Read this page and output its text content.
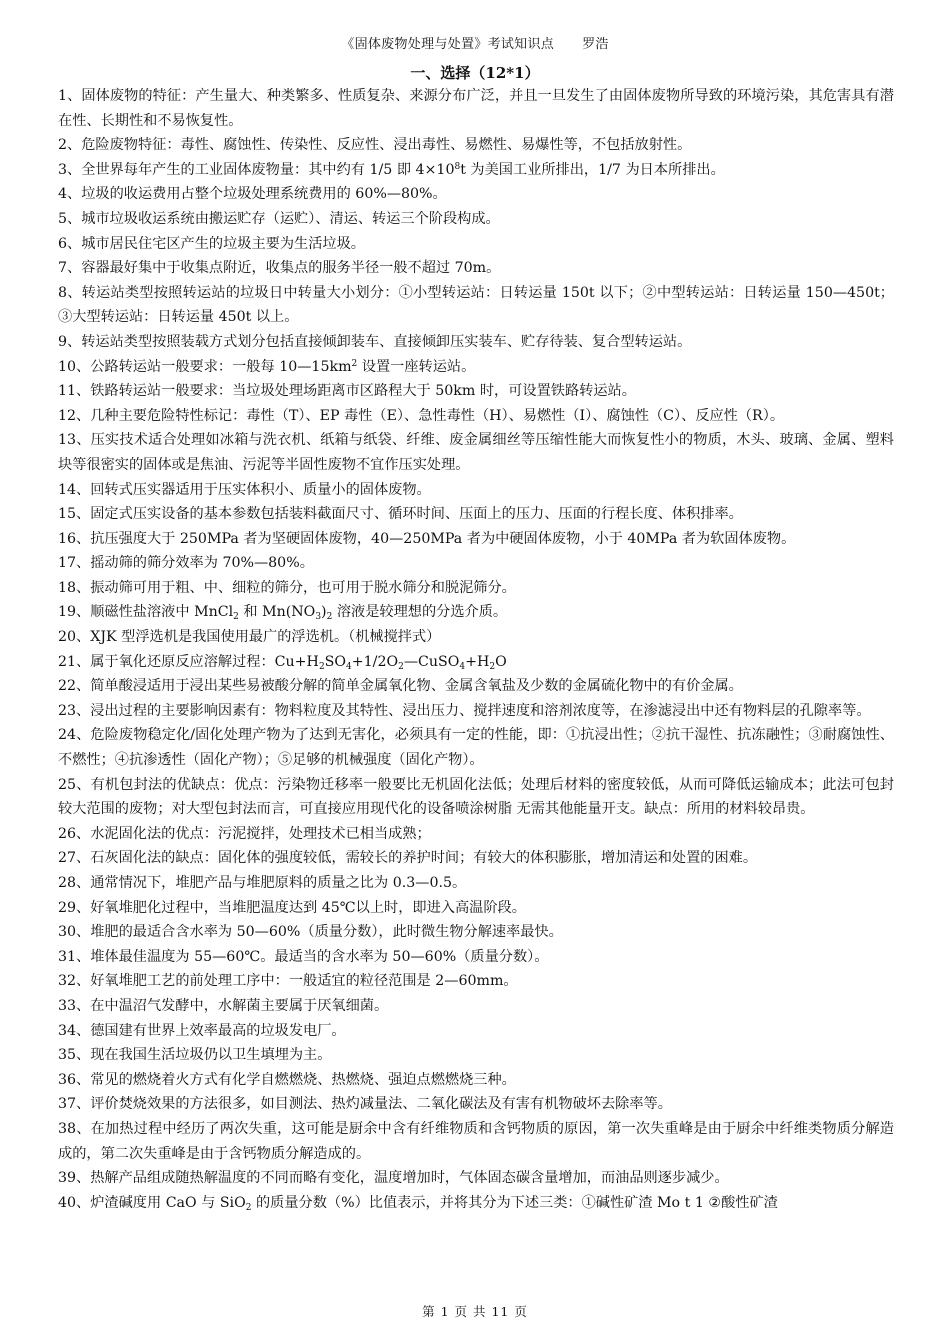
《固体废物处理与处置》考试知识点 罗浩
一、选择（12*1）

1、固体废物的特征：产生量大、种类繁多、性质复杂、来源分布广泛，并且一旦发生了由固体废物所导致的环境污染，其危害具有潜在性、长期性和不易恢复性。

2、危险废物特征：毒性、腐蚀性、传染性、反应性、浸出毒性、易燃性、易爆性等，不包括放射性。

3、全世界每年产生的工业固体废物量：其中约有 1/5 即 $4\times 10^8t$ 为美国工业所排出，1/7 为日本所排出。

4、垃圾的收运费用占整个垃圾处理系统费用的 60%—80%。

5、城市垃圾收运系统由搬运贮存（运贮）、清运、转运三个阶段构成。

6、城市居民住宅区产生的垃圾主要为生活垃圾。

7、容器最好集中于收集点附近，收集点的服务半径一般不超过 70m。

8、转运站类型按照转运站的垃圾日中转量大小划分：①小型转运站：日转运量 150t 以下；②中型转运站：日转运量 150—450t；③大型转运站：日转运量 450t 以上。

9、转运站类型按照装载方式划分包括直接倾卸装车、直接倾卸压实装车、贮存待装、复合型转运站。

10、公路转运站一般要求：一般每 $10—15km^2$ 设置一座转运站。

11、铁路转运站一般要求：当垃圾处理场距离市区路程大于 50km 时，可设置铁路转运站。

12、几种主要危险特性标记：毒性（T）、EP 毒性（E）、急性毒性（H）、易燃性（I）、腐蚀性（C）、反应性（R）。

13、压实技术适合处理如冰箱与洗衣机、纸箱与纸袋、纤维、废金属细丝等压缩性能大而恢复性小的物质，木头、玻璃、金属、塑料块等很密实的固体或是焦油、污泥等半固性废物不宜作压实处理。

14、回转式压实器适用于压实体积小、质量小的固体废物。

15、固定式压实设备的基本参数包括装料截面尺寸、循环时间、压面上的压力、压面的行程长度、体积排率。

16、抗压强度大于 250MPa 者为坚硬固体废物，40—250MPa 者为中硬固体废物，小于 40MPa 者为软固体废物。

17、摇动筛的筛分效率为 70%—80%。

18、振动筛可用于粗、中、细粒的筛分，也可用于脱水筛分和脱泥筛分。

19、顺磁性盐溶液中 MnCl$_2$ 和 $Mn(NO_3)_2$ 溶液是较理想的分选介质。

20、XJK 型浮选机是我国使用最广的浮选机。（机械搅拌式）

21、属于氧化还原反应溶解过程：$Cu+H_2SO_4+1/2O_2—CuSO_4+H_2O$

22、简单酸浸适用于浸出某些易被酸分解的简单金属氧化物、金属含氧盐及少数的金属硫化物中的有价金属。

23、浸出过程的主要影响因素有：物料粒度及其特性、浸出压力、搅拌速度和溶剂浓度等，在渗滤浸出中还有物料层的孔隙率等。

24、危险废物稳定化/固化处理产物为了达到无害化，必须具有一定的性能，即：①抗浸出性；②抗干湿性、抗冻融性；③耐腐蚀性、不燃性；④抗渗透性（固化产物）；⑤足够的机械强度（固化产物）。

25、有机包封法的优缺点：优点：污染物迁移率一般要比无机固化法低；处理后材料的密度较低，从而可降低运输成本；此法可包封较大范围的废物；对大型包封法而言，可直接应用现代化的设备喷涂树脂 无需其他能量开支。缺点：所用的材料较昂贵。

26、水泥固化法的优点：污泥搅拌，处理技术已相当成熟；

27、石灰固化法的缺点：固化体的强度较低，需较长的养护时间；有较大的体积膨胀，增加清运和处置的困难。

28、通常情况下，堆肥产品与堆肥原料的质量之比为 0.3—0.5。

29、好氧堆肥化过程中，当堆肥温度达到 45℃以上时，即进入高温阶段。

30、堆肥的最适合含水率为 50—60%（质量分数），此时微生物分解速率最快。

31、堆体最佳温度为 55—60℃。最适当的含水率为 50—60%（质量分数）。

32、好氧堆肥工艺的前处理工序中：一般适宜的粒径范围是 2—60mm。

33、在中温沼气发酵中，水解菌主要属于厌氧细菌。

34、德国建有世界上效率最高的垃圾发电厂。

35、现在我国生活垃圾仍以卫生填埋为主。

36、常见的燃烧着火方式有化学自燃燃烧、热燃烧、强迫点燃燃烧三种。

37、评价焚烧效果的方法很多，如目测法、热灼减量法、二氧化碳法及有害有机物破坏去除率等。

38、在加热过程中经历了两次失重，这可能是厨余中含有纤维物质和含钙物质的原因，第一次失重峰是由于厨余中纤维类物质分解造成的，第二次失重峰是由于含钙物质分解造成的。

39、热解产品组成随热解温度的不同而略有变化，温度增加时，气体固态碳含量增加，而油品则逐步减少。

40、炉渣碱度用 CaO 与 SiO$_2$ 的质量分数（%）比值表示，并将其分为下述三类：①碱性矿渣 Mo t 1 ②酸性矿渣

第 1 页 共 11 页
